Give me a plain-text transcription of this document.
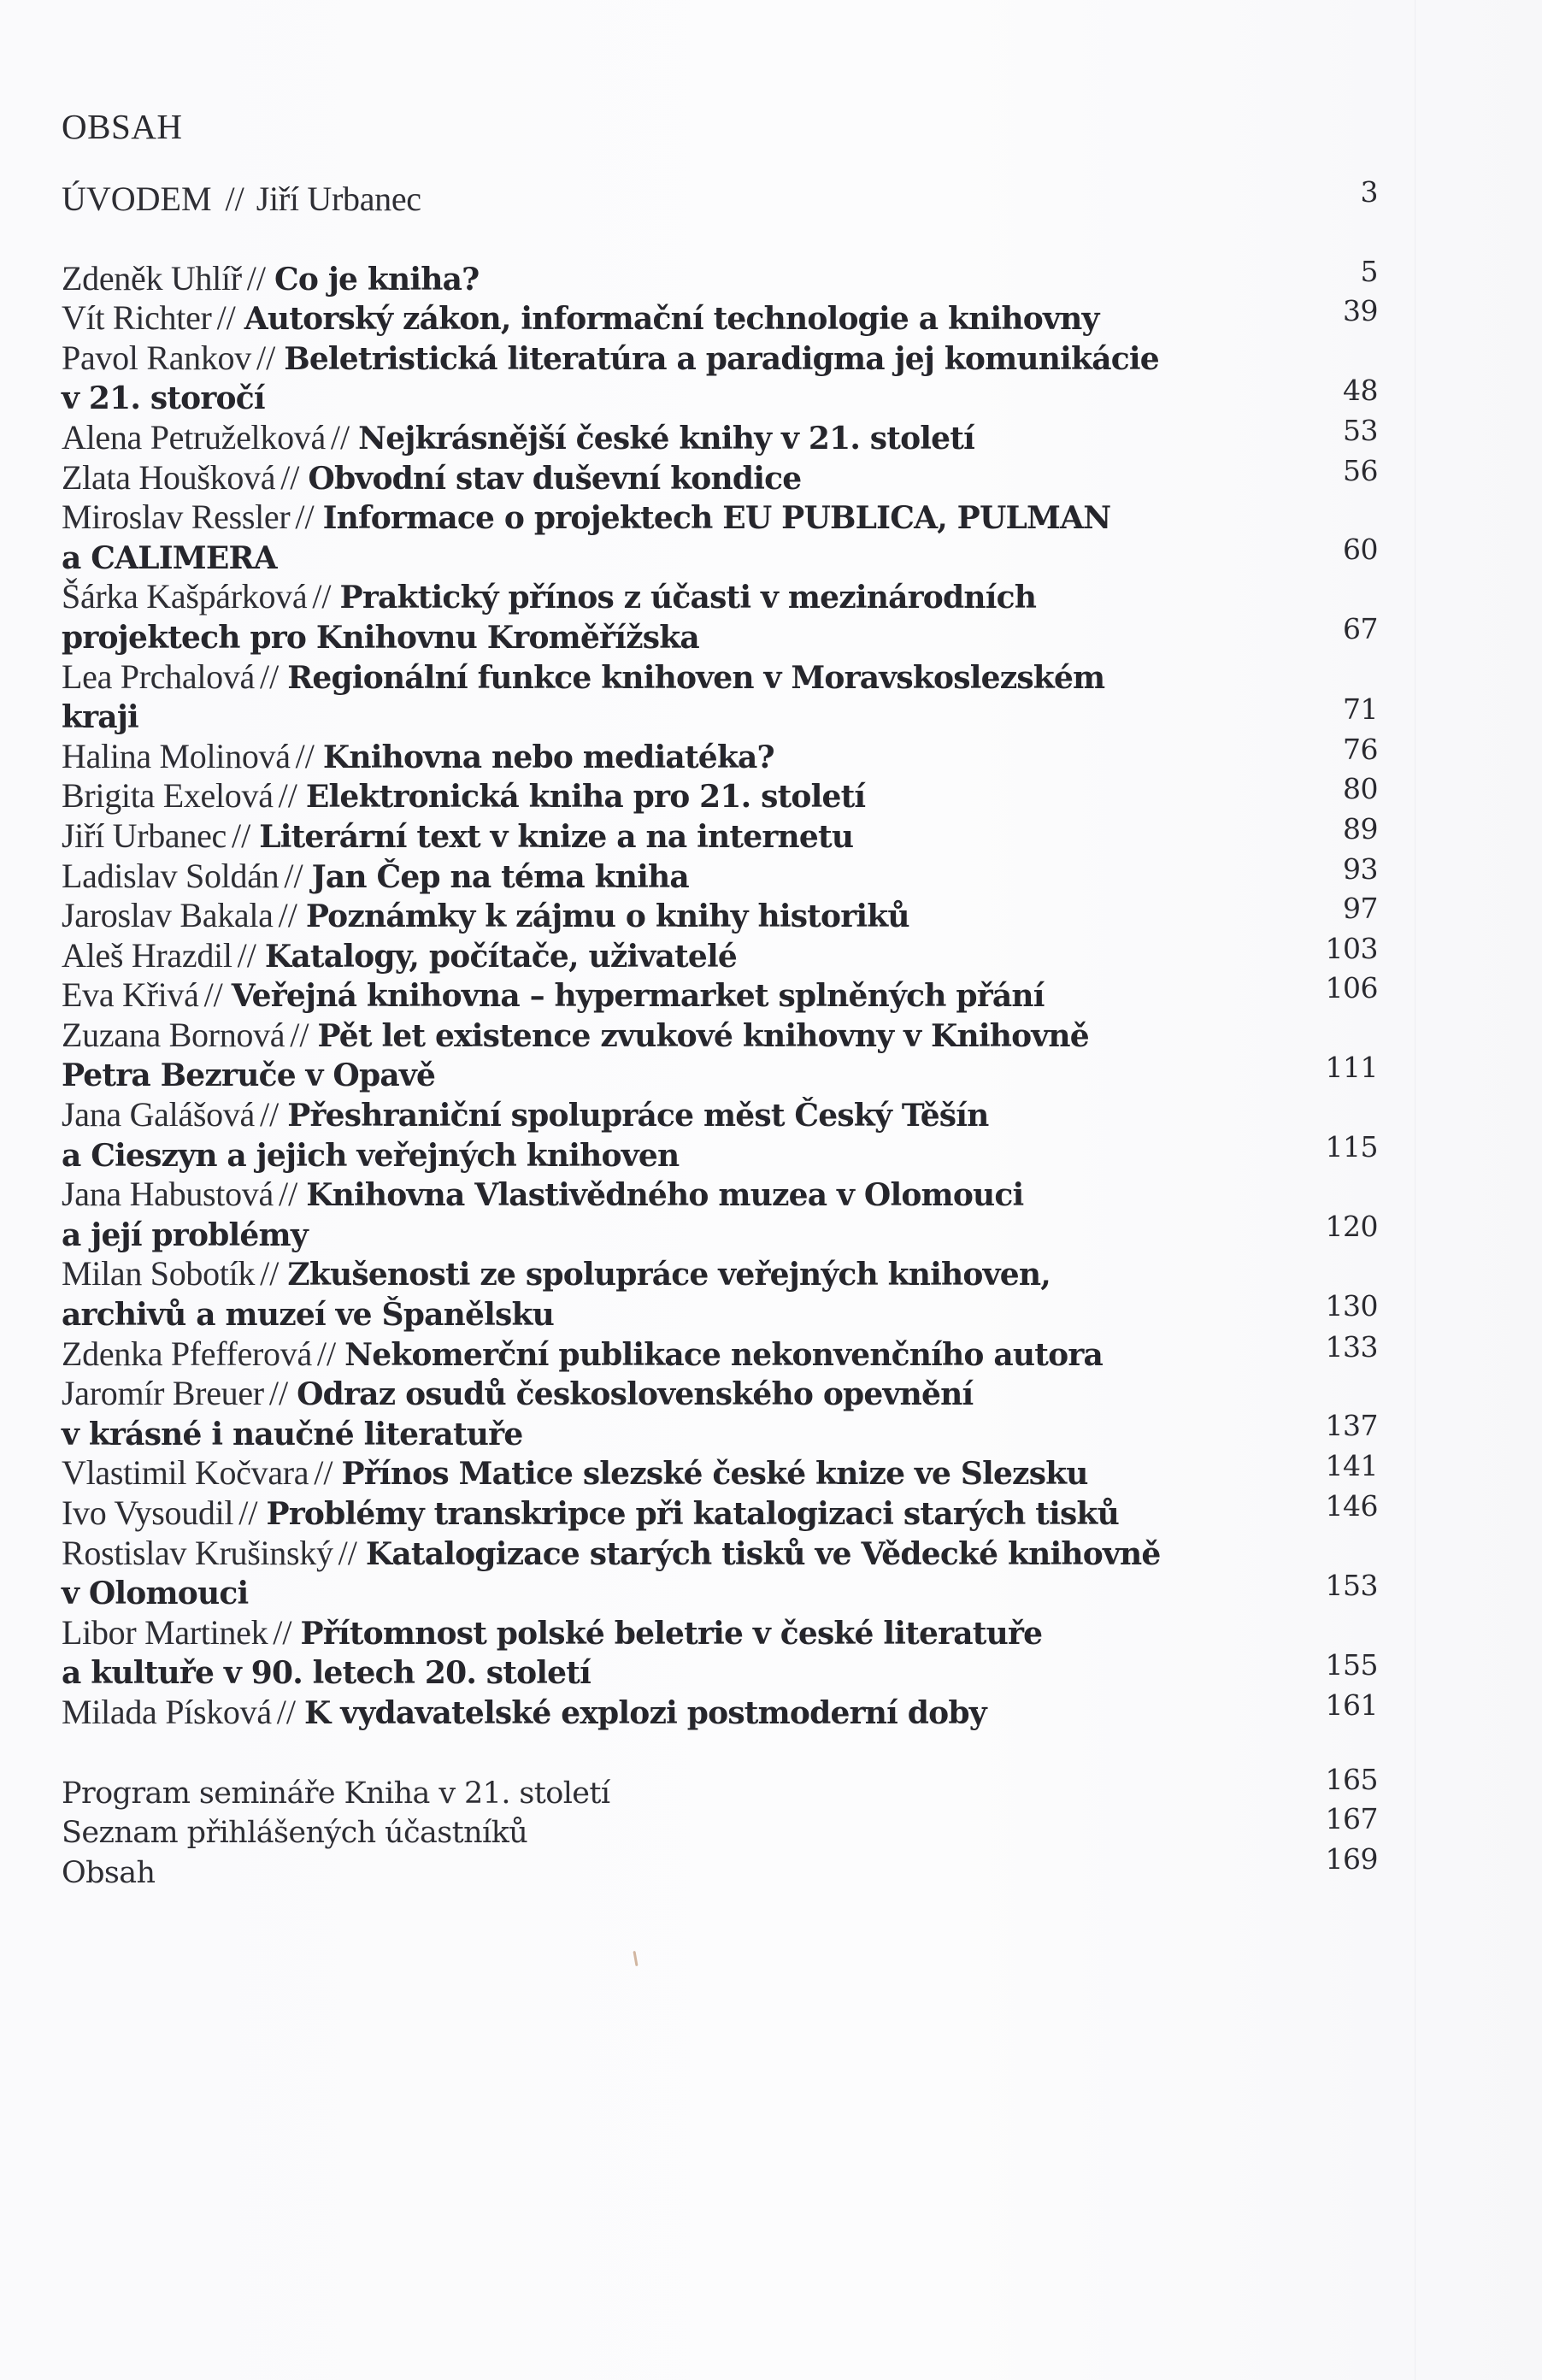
OBSAH
ÚVODEM // Jiří Urbanec	3
Zdeněk Uhlíř // Co je kniha?	5
Vít Richter // Autorský zákon, informační technologie a knihovny	39
Pavol Rankov // Beletristická literatúra a paradigma jej komunikácie
v 21. storočí	48
Alena Petruželková // Nejkrásnější české knihy v 21. století	53
Zlata Houšková // Obvodní stav duševní kondice	56
Miroslav Ressler // Informace o projektech EU PUBLICA, PULMAN
a CALIMERA	60
Šárka Kašpárková // Praktický přínos z účasti v mezinárodních
projektech pro Knihovnu Kroměřížska	67
Lea Prchalová // Regionální funkce knihoven v Moravskoslezském
kraji	71
Halina Molinová // Knihovna nebo mediatéka?	76
Brigita Exelová // Elektronická kniha pro 21. století	80
Jiří Urbanec // Literární text v knize a na internetu	89
Ladislav Soldán // Jan Čep na téma kniha	93
Jaroslav Bakala // Poznámky k zájmu o knihy historiků	97
Aleš Hrazdil // Katalogy, počítače, uživatelé	103
Eva Křivá // Veřejná knihovna – hypermarket splněných přání	106
Zuzana Bornová // Pět let existence zvukové knihovny v Knihovně
Petra Bezruče v Opavě	111
Jana Galášová // Přeshraniční spolupráce měst Český Těšín
a Cieszyn a jejich veřejných knihoven	115
Jana Habustová // Knihovna Vlastivědného muzea v Olomouci
a její problémy	120
Milan Sobotík // Zkušenosti ze spolupráce veřejných knihoven,
archivů a muzeí ve Španělsku	130
Zdenka Pfefferová // Nekomerční publikace nekonvenčního autora	133
Jaromír Breuer // Odraz osudů československého opevnění
v krásné i naučné literatuře	137
Vlastimil Kočvara // Přínos Matice slezské české knize ve Slezsku	141
Ivo Vysoudil // Problémy transkripce při katalogizaci starých tisků	146
Rostislav Krušinský // Katalogizace starých tisků ve Vědecké knihovně
v Olomouci	153
Libor Martinek // Přítomnost polské beletrie v české literatuře
a kultuře v 90. letech 20. století	155
Milada Písková // K vydavatelské explozi postmoderní doby	161
Program semináře Kniha v 21. století	165
Seznam přihlášených účastníků	167
Obsah	169
